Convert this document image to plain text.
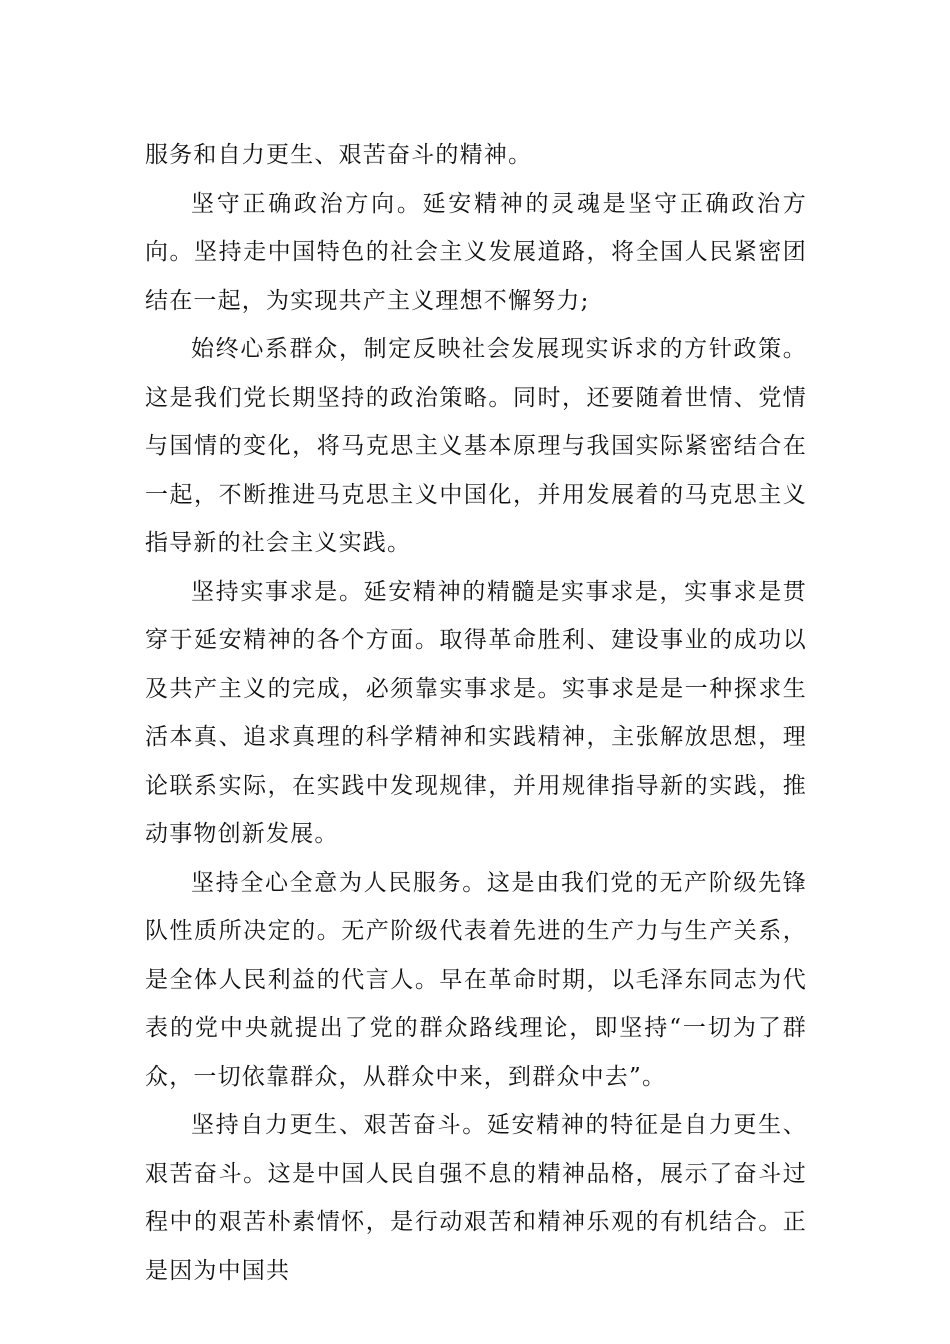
服务和自力更生、艰苦奋斗的精神。

坚守正确政治方向。延安精神的灵魂是坚守正确政治方向。坚持走中国特色的社会主义发展道路，将全国人民紧密团结在一起，为实现共产主义理想不懈努力;

始终心系群众，制定反映社会发展现实诉求的方针政策。这是我们党长期坚持的政治策略。同时，还要随着世情、党情与国情的变化，将马克思主义基本原理与我国实际紧密结合在一起，不断推进马克思主义中国化，并用发展着的马克思主义指导新的社会主义实践。

坚持实事求是。延安精神的精髓是实事求是，实事求是贯穿于延安精神的各个方面。取得革命胜利、建设事业的成功以及共产主义的完成，必须靠实事求是。实事求是是一种探求生活本真、追求真理的科学精神和实践精神，主张解放思想，理论联系实际，在实践中发现规律，并用规律指导新的实践，推动事物创新发展。

坚持全心全意为人民服务。这是由我们党的无产阶级先锋队性质所决定的。无产阶级代表着先进的生产力与生产关系，是全体人民利益的代言人。早在革命时期，以毛泽东同志为代表的党中央就提出了党的群众路线理论，即坚持“一切为了群众，一切依靠群众，从群众中来，到群众中去”。

坚持自力更生、艰苦奋斗。延安精神的特征是自力更生、艰苦奋斗。这是中国人民自强不息的精神品格，展示了奋斗过程中的艰苦朴素情怀，是行动艰苦和精神乐观的有机结合。正是因为中国共
